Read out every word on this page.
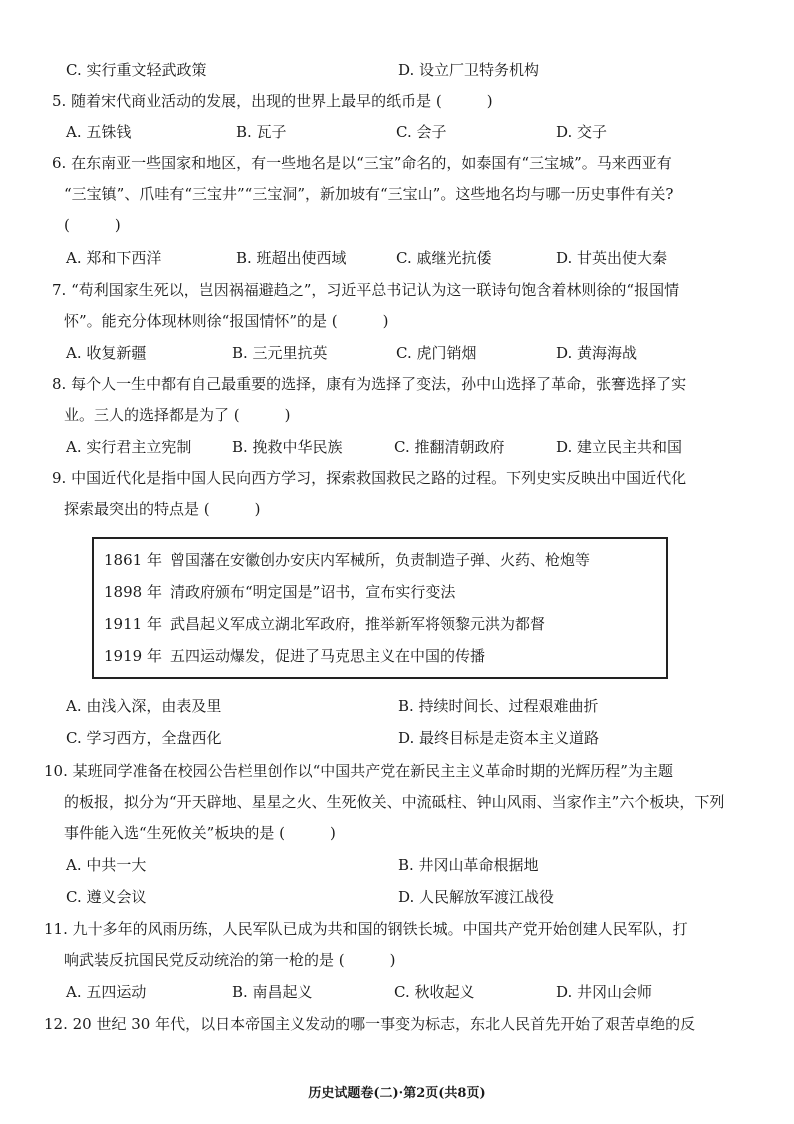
C. 实行重文轻武政策	D. 设立厂卫特务机构
5. 随着宋代商业活动的发展，出现的世界上最早的纸币是 (　　　)
A. 五铢钱	B. 瓦子	C. 会子	D. 交子
6. 在东南亚一些国家和地区，有一些地名是以“三宝”命名的，如泰国有“三宝城”。马来西亚有
“三宝镇”、爪哇有“三宝井”“三宝洞”，新加坡有“三宝山”。这些地名均与哪一历史事件有关?
(　　　)
A. 郑和下西洋	B. 班超出使西域	C. 戚继光抗倭	D. 甘英出使大秦
7. “苟利国家生死以，岂因祸福避趋之”，习近平总书记认为这一联诗句饱含着林则徐的“报国情
怀”。能充分体现林则徐“报国情怀”的是 (　　　)
A. 收复新疆	B. 三元里抗英	C. 虎门销烟	D. 黄海海战
8. 每个人一生中都有自己最重要的选择，康有为选择了变法，孙中山选择了革命，张謇选择了实
业。三人的选择都是为了 (　　　)
A. 实行君主立宪制	B. 挽救中华民族	C. 推翻清朝政府	D. 建立民主共和国
9. 中国近代化是指中国人民向西方学习，探索救国救民之路的过程。下列史实反映出中国近代化
探索最突出的特点是 (　　　)
1861 年 曾国藩在安徽创办安庆内军械所，负责制造子弹、火药、枪炮等
1898 年 清政府颁布“明定国是”诏书，宣布实行变法
1911 年 武昌起义军成立湖北军政府，推举新军将领黎元洪为都督
1919 年 五四运动爆发，促进了马克思主义在中国的传播
A. 由浅入深，由表及里	B. 持续时间长、过程艰难曲折
C. 学习西方，全盘西化	D. 最终目标是走资本主义道路
10. 某班同学准备在校园公告栏里创作以“中国共产党在新民主主义革命时期的光辉历程”为主题
的板报，拟分为“开天辟地、星星之火、生死攸关、中流砥柱、钟山风雨、当家作主”六个板块，下列
事件能入选“生死攸关”板块的是 (　　　)
A. 中共一大	B. 井冈山革命根据地
C. 遵义会议	D. 人民解放军渡江战役
11. 九十多年的风雨历练，人民军队已成为共和国的钢铁长城。中国共产党开始创建人民军队，打
响武装反抗国民党反动统治的第一枪的是 (　　　)
A. 五四运动	B. 南昌起义	C. 秋收起义	D. 井冈山会师
12. 20 世纪 30 年代，以日本帝国主义发动的哪一事变为标志，东北人民首先开始了艰苦卓绝的反
历史试题卷(二)·第2页(共8页)
